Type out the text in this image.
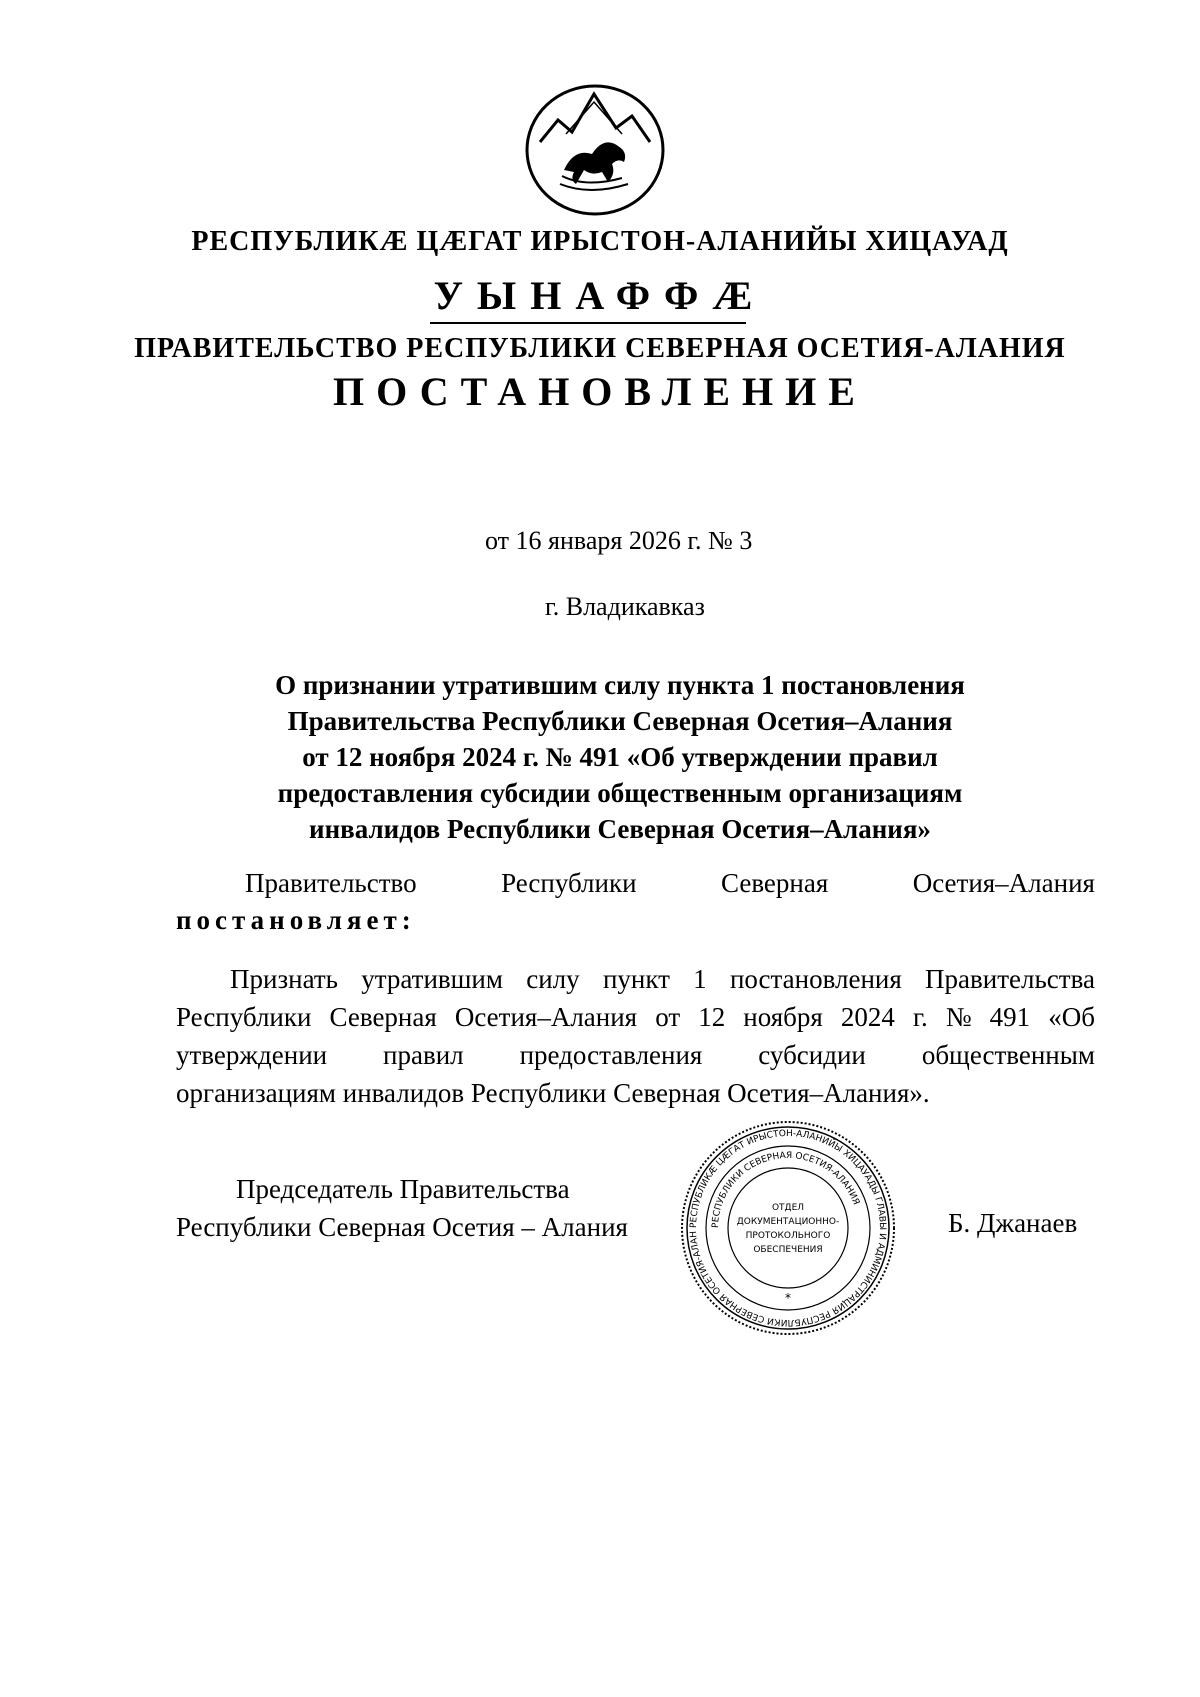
РЕСПУБЛИКÆ ЦÆГАТ ИРЫСТОН-АЛАНИЙЫ ХИЦАУАД
УЫНАФФÆ
ПРАВИТЕЛЬСТВО РЕСПУБЛИКИ СЕВЕРНАЯ ОСЕТИЯ-АЛАНИЯ
ПОСТАНОВЛЕНИЕ
от 16 января 2026 г. № 3
г. Владикавказ
О признании утратившим силу пункта 1 постановления
Правительства Республики Северная Осетия–Алания
от 12 ноября 2024 г. № 491 «Об утверждении правил
предоставления субсидии общественным организациям
инвалидов Республики Северная Осетия–Алания»
Правительство	Республики	Северная	Осетия–Алания
постановляет:
Признать утратившим силу пункт 1 постановления Правительства
Республики Северная Осетия–Алания от 12 ноября 2024 г. № 491 «Об
утверждении правил предоставления субсидии общественным
организациям инвалидов Республики Северная Осетия–Алания».
Председатель Правительства
Республики Северная Осетия – Алания	Б. Джанаев
РЕСПУБЛИКÆ ЦÆГАТ ИРЫСТОН-АЛАНИЙЫ ХИЦАУАДЫ ГЛАВЫ И АДМИНИСТРАЦИЯ РЕСПУБЛИКИ СЕВЕРНАЯ ОСЕТИЯ-АЛАН
РЕСПУБЛИКИ СЕВЕРНАЯ ОСЕТИЯ-АЛАНИЯ
ОТДЕЛ
ДОКУМЕНТАЦИОННО-
ПРОТОКОЛЬНОГО
ОБЕСПЕЧЕНИЯ
*
